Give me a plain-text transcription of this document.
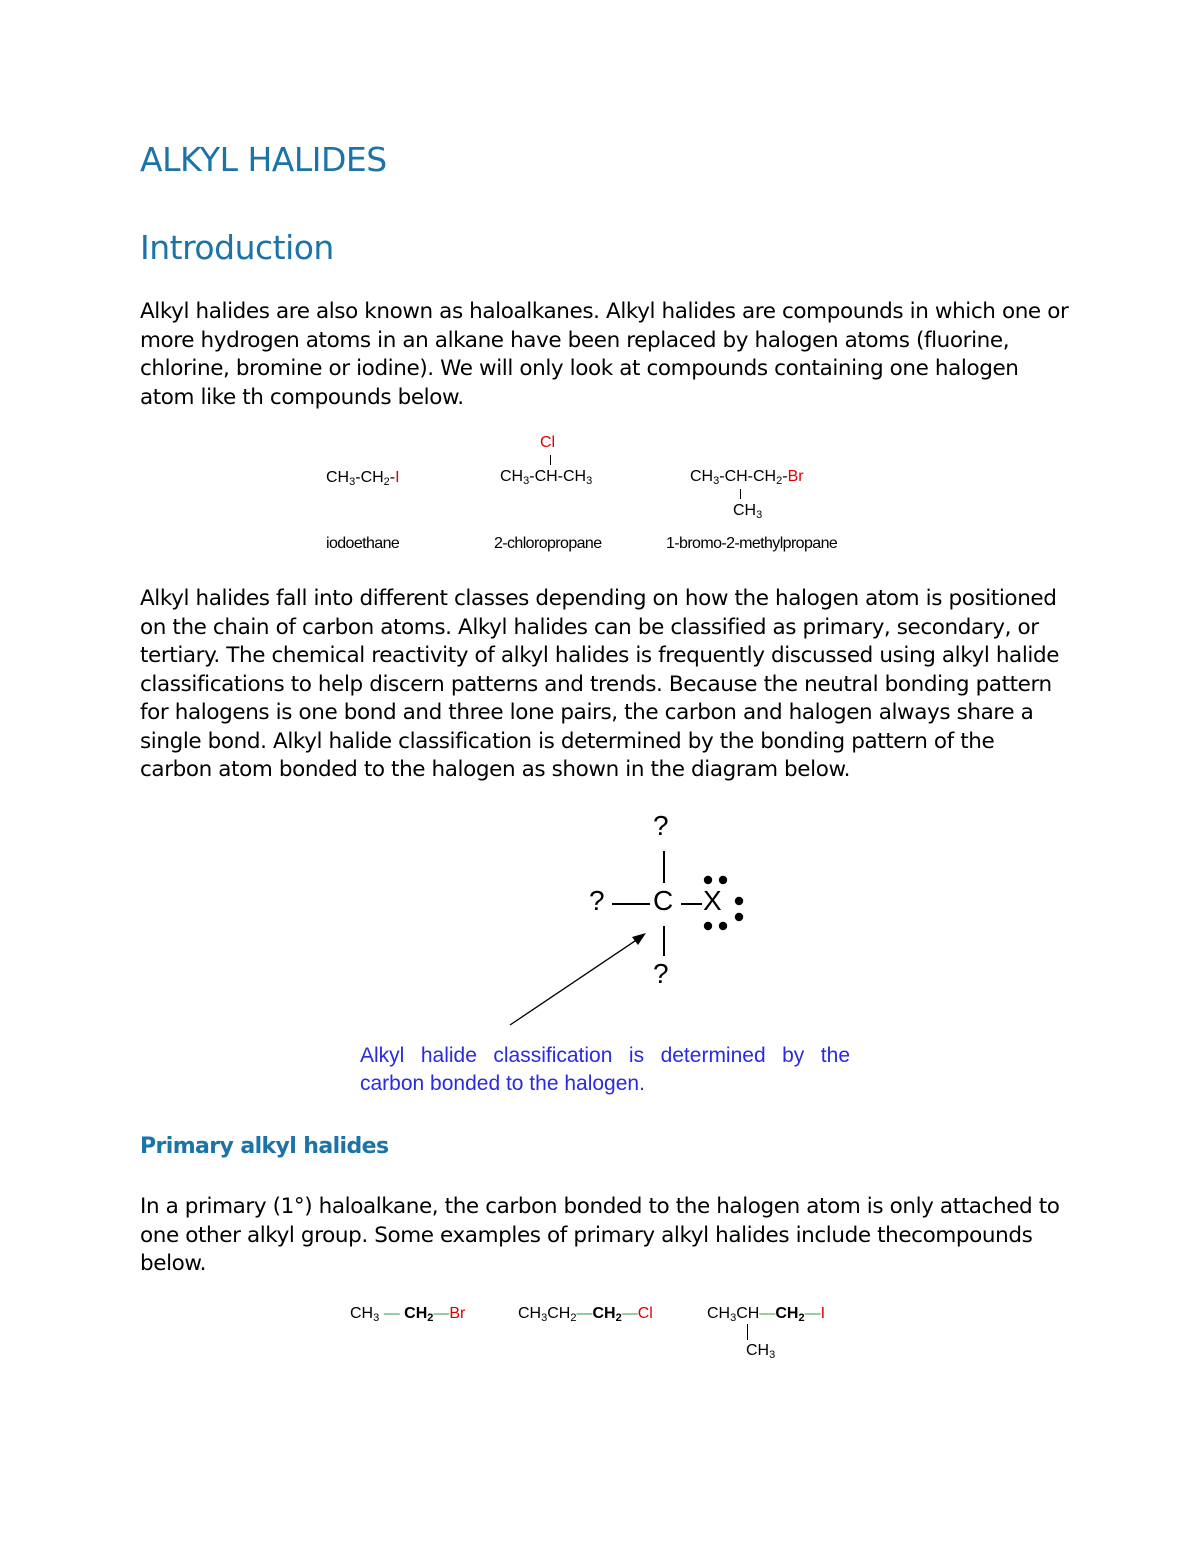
ALKYL HALIDES
Introduction

Alkyl halides are also known as haloalkanes. Alkyl halides are compounds in which one or more hydrogen atoms in an alkane have been replaced by halogen atoms (fluorine, chlorine, bromine or iodine). We will only look at compounds containing one halogen atom like th compounds below.

$CH_3-CH_2-I$
iodoethane
Cl
$CH_3-CH-CH_3$
2-chloropropane
$CH_3-CH-CH_2-Br$
$CH_3$
1-bromo-2-methylpropane

Alkyl halides fall into different classes depending on how the halogen atom is positioned on the chain of carbon atoms. Alkyl halides can be classified as primary, secondary, or tertiary. The chemical reactivity of alkyl halides is frequently discussed using alkyl halide classifications to help discern patterns and trends. Because the neutral bonding pattern for halogens is one bond and three lone pairs, the carbon and halogen always share a single bond. Alkyl halide classification is determined by the bonding pattern of the carbon atom bonded to the halogen as shown in the diagram below.

?
? C X
?
Alkyl halide classification is determined by the carbon bonded to the halogen.
Primary alkyl halides

In a primary (1°) haloalkane, the carbon bonded to the halogen atom is only attached to one other alkyl group. Some examples of primary alkyl halides include thecompounds below.

$CH_3$ — $CH_2—Br$	$CH_3CH_2—CH_2—Cl$	$CH_3CH—CH_2—I$
$CH_3$
